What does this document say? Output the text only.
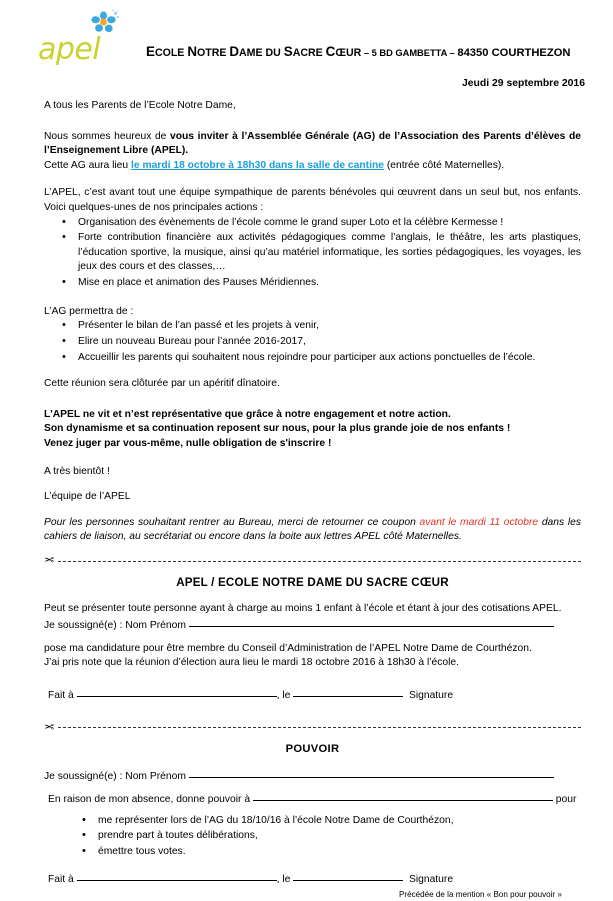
apel	ECOLE NOTRE DAME DU SACRE CŒUR – 5 BD GAMBETTA – 84350 COURTHEZON
Jeudi 29 septembre 2016

A tous les Parents de l’Ecole Notre Dame,

Nous sommes heureux de vous inviter à l’Assemblée Générale (AG) de l’Association des Parents d’élèves de l’Enseignement Libre (APEL).

Cette AG aura lieu le mardi 18 octobre à 18h30 dans la salle de cantine (entrée côté Maternelles).

L’APEL, c’est avant tout une équipe sympathique de parents bénévoles qui œuvrent dans un seul but, nos enfants. Voici quelques-unes de nos principales actions :

• Organisation des évènements de l’école comme le grand super Loto et la célèbre Kermesse !
• Forte contribution financière aux activités pédagogiques comme l’anglais, le théâtre, les arts plastiques, l’éducation sportive, la musique, ainsi qu’au matériel informatique, les sorties pédagogiques, les voyages, les jeux des cours et des classes,…
• Mise en place et animation des Pauses Méridiennes.

L’AG permettra de :

• Présenter le bilan de l’an passé et les projets à venir,
• Elire un nouveau Bureau pour l’année 2016-2017,
• Accueillir les parents qui souhaitent nous rejoindre pour participer aux actions ponctuelles de l’école.

Cette réunion sera clôturée par un apéritif dînatoire.

L'APEL ne vit et n’est représentative que grâce à notre engagement et notre action.

Son dynamisme et sa continuation reposent sur nous, pour la plus grande joie de nos enfants !

Venez juger par vous-même, nulle obligation de s'inscrire !

A très bientôt !

L’équipe de l’APEL

Pour les personnes souhaitant rentrer au Bureau, merci de retourner ce coupon avant le mardi 11 octobre dans les cahiers de liaison, au secrétariat ou encore dans la boite aux lettres APEL côté Maternelles.

✂
APEL / ECOLE NOTRE DAME DU SACRE CŒUR

Peut se présenter toute personne ayant à charge au moins 1 enfant à l’école et étant à jour des cotisations APEL.

Je soussigné(e) : Nom Prénom

pose ma candidature pour être membre du Conseil d’Administration de l’APEL Notre Dame de Courthézon.

J’ai pris note que la réunion d’élection aura lieu le mardi 18 octobre 2016 à 18h30 à l’école.

Fait à	, le	Signature
✂
POUVOIR
Je soussigné(e) : Nom Prénom
En raison de mon absence, donne pouvoir à	pour
• me représenter lors de l’AG du 18/10/16 à l’école Notre Dame de Courthézon,
• prendre part à toutes délibérations,
• émettre tous votes.
Fait à	, le	Signature
Précédée de la mention « Bon pour pouvoir »
